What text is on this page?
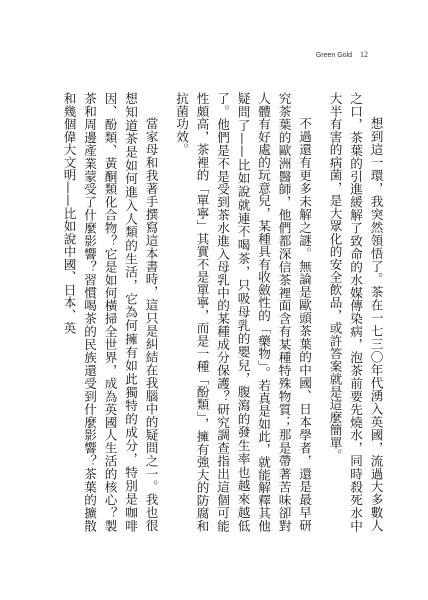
Green Gold 12

想到這一環，我突然領悟了。茶在一七三〇年代湧入英國，流過大多數人之口，茶葉的引進緩解了致命的水媒傳染病，泡茶前要先燒水，同時殺死水中大半有害的病菌，是大眾化的安全飲品，或許答案就是這麼簡單。

不過還有更多未解之謎。無論是歐頭茶葉的中國、日本學者，還是最早研究茶葉的歐洲醫師，他們都深信茶裡面含有某種特殊物質；那是帶著苦味卻對人體有好處的玩意兒，某種具有收斂性的「藥物」。若真是如此，就能解釋其他疑問了——比如說就連不喝茶，只吸母乳的嬰兒，腹瀉的發生率也越來越低了。他們是不是受到茶水進入母乳中的某種成分保護？研究調查指出這個可能性頗高，茶裡的「單寧」其實不是單寧，而是一種「酚類」，擁有強大的防腐和抗菌功效。

當家母和我著手撰寫這本書時，這只是糾結在我腦中的疑問之一。我也很想知道茶是如何進入人類的生活，它為何擁有如此獨特的成分，特別是咖啡因、酚類、黃酮類化合物？它是如何橫掃全世界，成為英國人生活的核心？製茶和周邊產業蒙受了什麼影響？習慣喝茶的民族還受到什麼影響？茶葉的擴散和幾個偉大文明——比如說中國、日本、英
